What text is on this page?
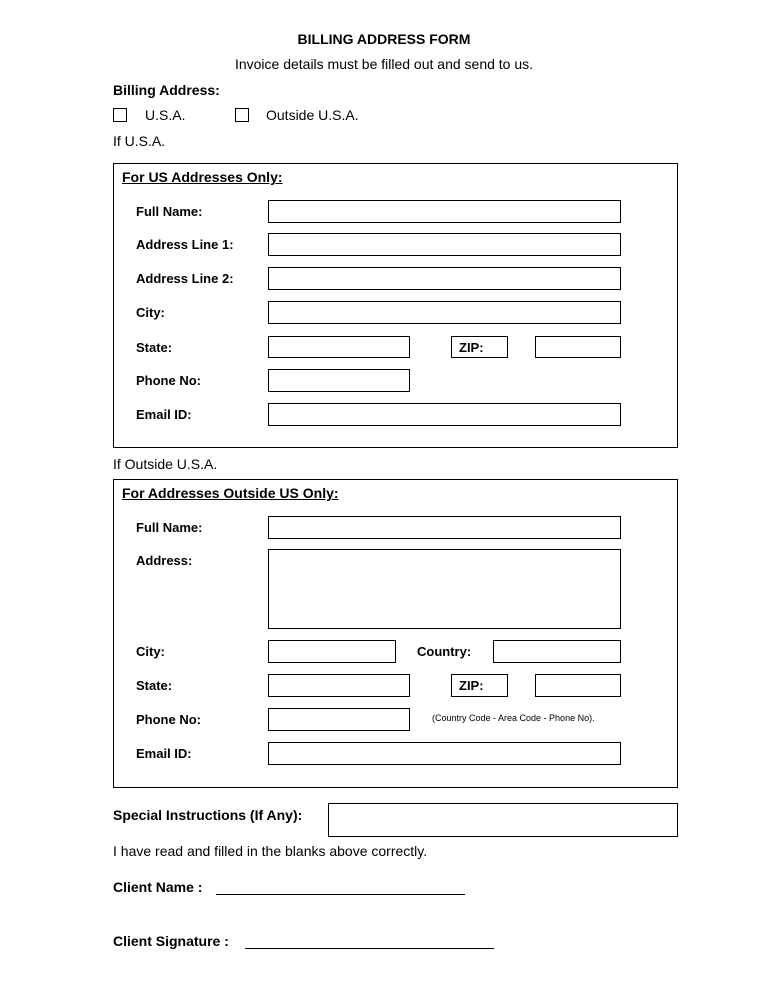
BILLING ADDRESS FORM
Invoice details must be filled out and send to us.
Billing Address:
U.S.A.	Outside U.S.A.
If U.S.A.
For US Addresses Only:
Full Name:
Address Line 1:
Address Line 2:
City:
State:	ZIP:
Phone No:
Email ID:
If Outside U.S.A.
For Addresses Outside US Only:
Full Name:
Address:
City:	Country:
State:	ZIP:
Phone No:	(Country Code - Area Code - Phone No).
Email ID:
Special Instructions (If Any):
I have read and filled in the blanks above correctly.
Client Name :
Client Signature :
